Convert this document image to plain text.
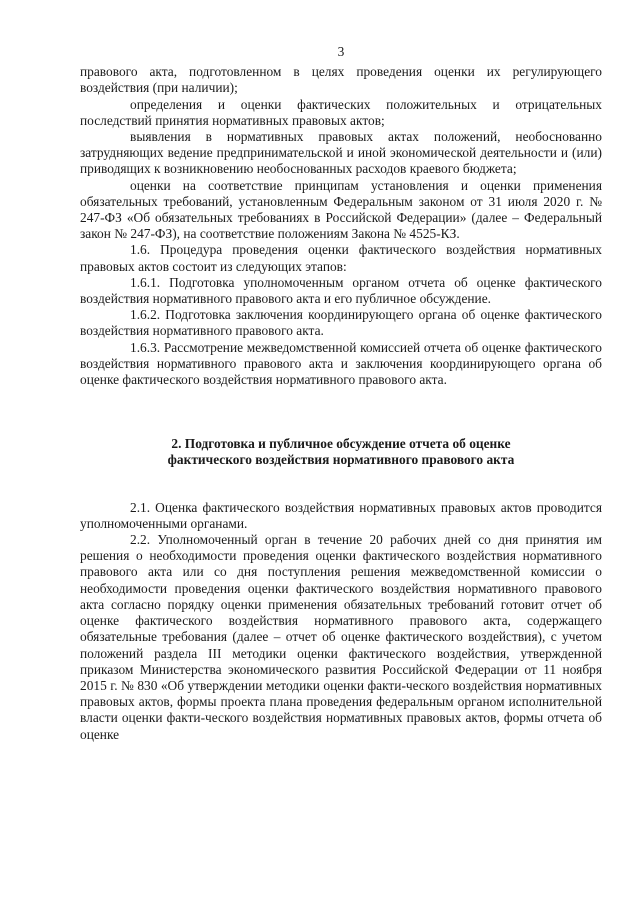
3

правового акта, подготовленном в целях проведения оценки их регулирующего воздействия (при наличии);

определения и оценки фактических положительных и отрицательных последствий принятия нормативных правовых актов;

выявления в нормативных правовых актах положений, необоснованно затрудняющих ведение предпринимательской и иной экономической деятельности и (или) приводящих к возникновению необоснованных расходов краевого бюджета;

оценки на соответствие принципам установления и оценки применения обязательных требований, установленным Федеральным законом от 31 июля 2020 г. № 247-ФЗ «Об обязательных требованиях в Российской Федерации» (далее – Федеральный закон № 247-ФЗ), на соответствие положениям Закона № 4525-КЗ.

1.6. Процедура проведения оценки фактического воздействия нормативных правовых актов состоит из следующих этапов:

1.6.1. Подготовка уполномоченным органом отчета об оценке фактического воздействия нормативного правового акта и его публичное обсуждение.

1.6.2. Подготовка заключения координирующего органа об оценке фактического воздействия нормативного правового акта.

1.6.3. Рассмотрение межведомственной комиссией отчета об оценке фактического воздействия нормативного правового акта и заключения координирующего органа об оценке фактического воздействия нормативного правового акта.

2. Подготовка и публичное обсуждение отчета об оценке

фактического воздействия нормативного правового акта

2.1. Оценка фактического воздействия нормативных правовых актов проводится уполномоченными органами.

2.2. Уполномоченный орган в течение 20 рабочих дней со дня принятия им решения о необходимости проведения оценки фактического воздействия нормативного правового акта или со дня поступления решения межведомственной комиссии о необходимости проведения оценки фактического воздействия нормативного правового акта согласно порядку оценки применения обязательных требований готовит отчет об оценке фактического воздействия нормативного правового акта, содержащего обязательные требования (далее – отчет об оценке фактического воздействия), с учетом положений раздела III методики оценки фактического воздействия, утвержденной приказом Министерства экономического развития Российской Федерации от 11 ноября 2015 г. № 830 «Об утверждении методики оценки факти-ческого воздействия нормативных правовых актов, формы проекта плана проведения федеральным органом исполнительной власти оценки факти-ческого воздействия нормативных правовых актов, формы отчета об оценке
